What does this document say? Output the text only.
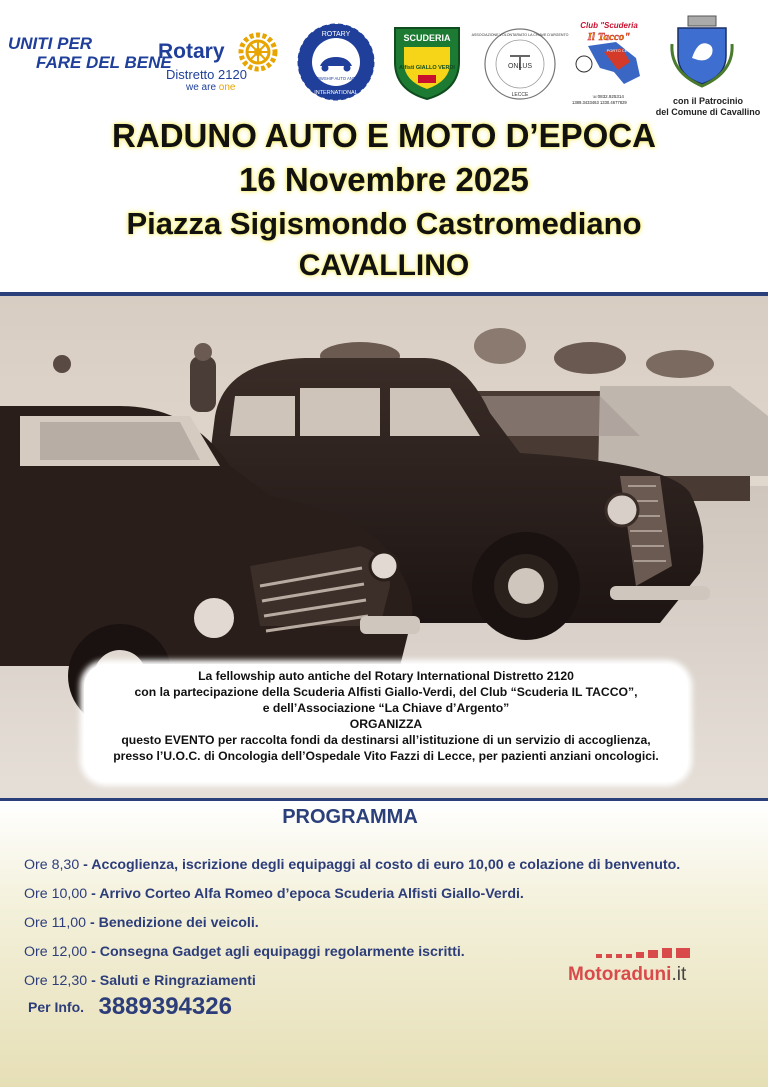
UNITI PER
FARE DEL BENE
Rotary
Distretto 2120
we are one
ROTARY
INTERNATIONAL
FELLOWSHIP AUTO ANTICHE
SCUDERIA
Alfisti GIALLO VERDI	ONLUS
ASSOCIAZIONE VOLONTARIATO LA CHIAVE D'ARGENTO
LECCE
Club "Scuderia
Il Tacco"
PORTO CESAREO
☏0832.925314
1389.3433463 1330.4677829	con il Patrocinio
del Comune di Cavallino
RADUNO AUTO E MOTO D’EPOCA
16 Novembre 2025
Piazza Sigismondo Castromediano
CAVALLINO
La fellowship auto antiche del Rotary International Distretto 2120
con la partecipazione della Scuderia Alfisti Giallo-Verdi, del Club “Scuderia IL TACCO”,
e dell’Associazione “La Chiave d’Argento”
ORGANIZZA
questo EVENTO per raccolta fondi da destinarsi all’istituzione di un servizio di accoglienza,
presso l’U.O.C. di Oncologia dell’Ospedale Vito Fazzi di Lecce, per pazienti anziani oncologici.
PROGRAMMA
Ore 8,30 - Accoglienza, iscrizione degli equipaggi al costo di euro 10,00 e colazione di benvenuto.
Ore 10,00 - Arrivo Corteo Alfa Romeo d’epoca Scuderia Alfisti Giallo-Verdi.
Ore 11,00 - Benedizione dei veicoli.
Ore 12,00 - Consegna Gadget agli equipaggi regolarmente iscritti.
Ore 12,30 - Saluti e Ringraziamenti
Per Info. 3889394326
Motoraduni.it
